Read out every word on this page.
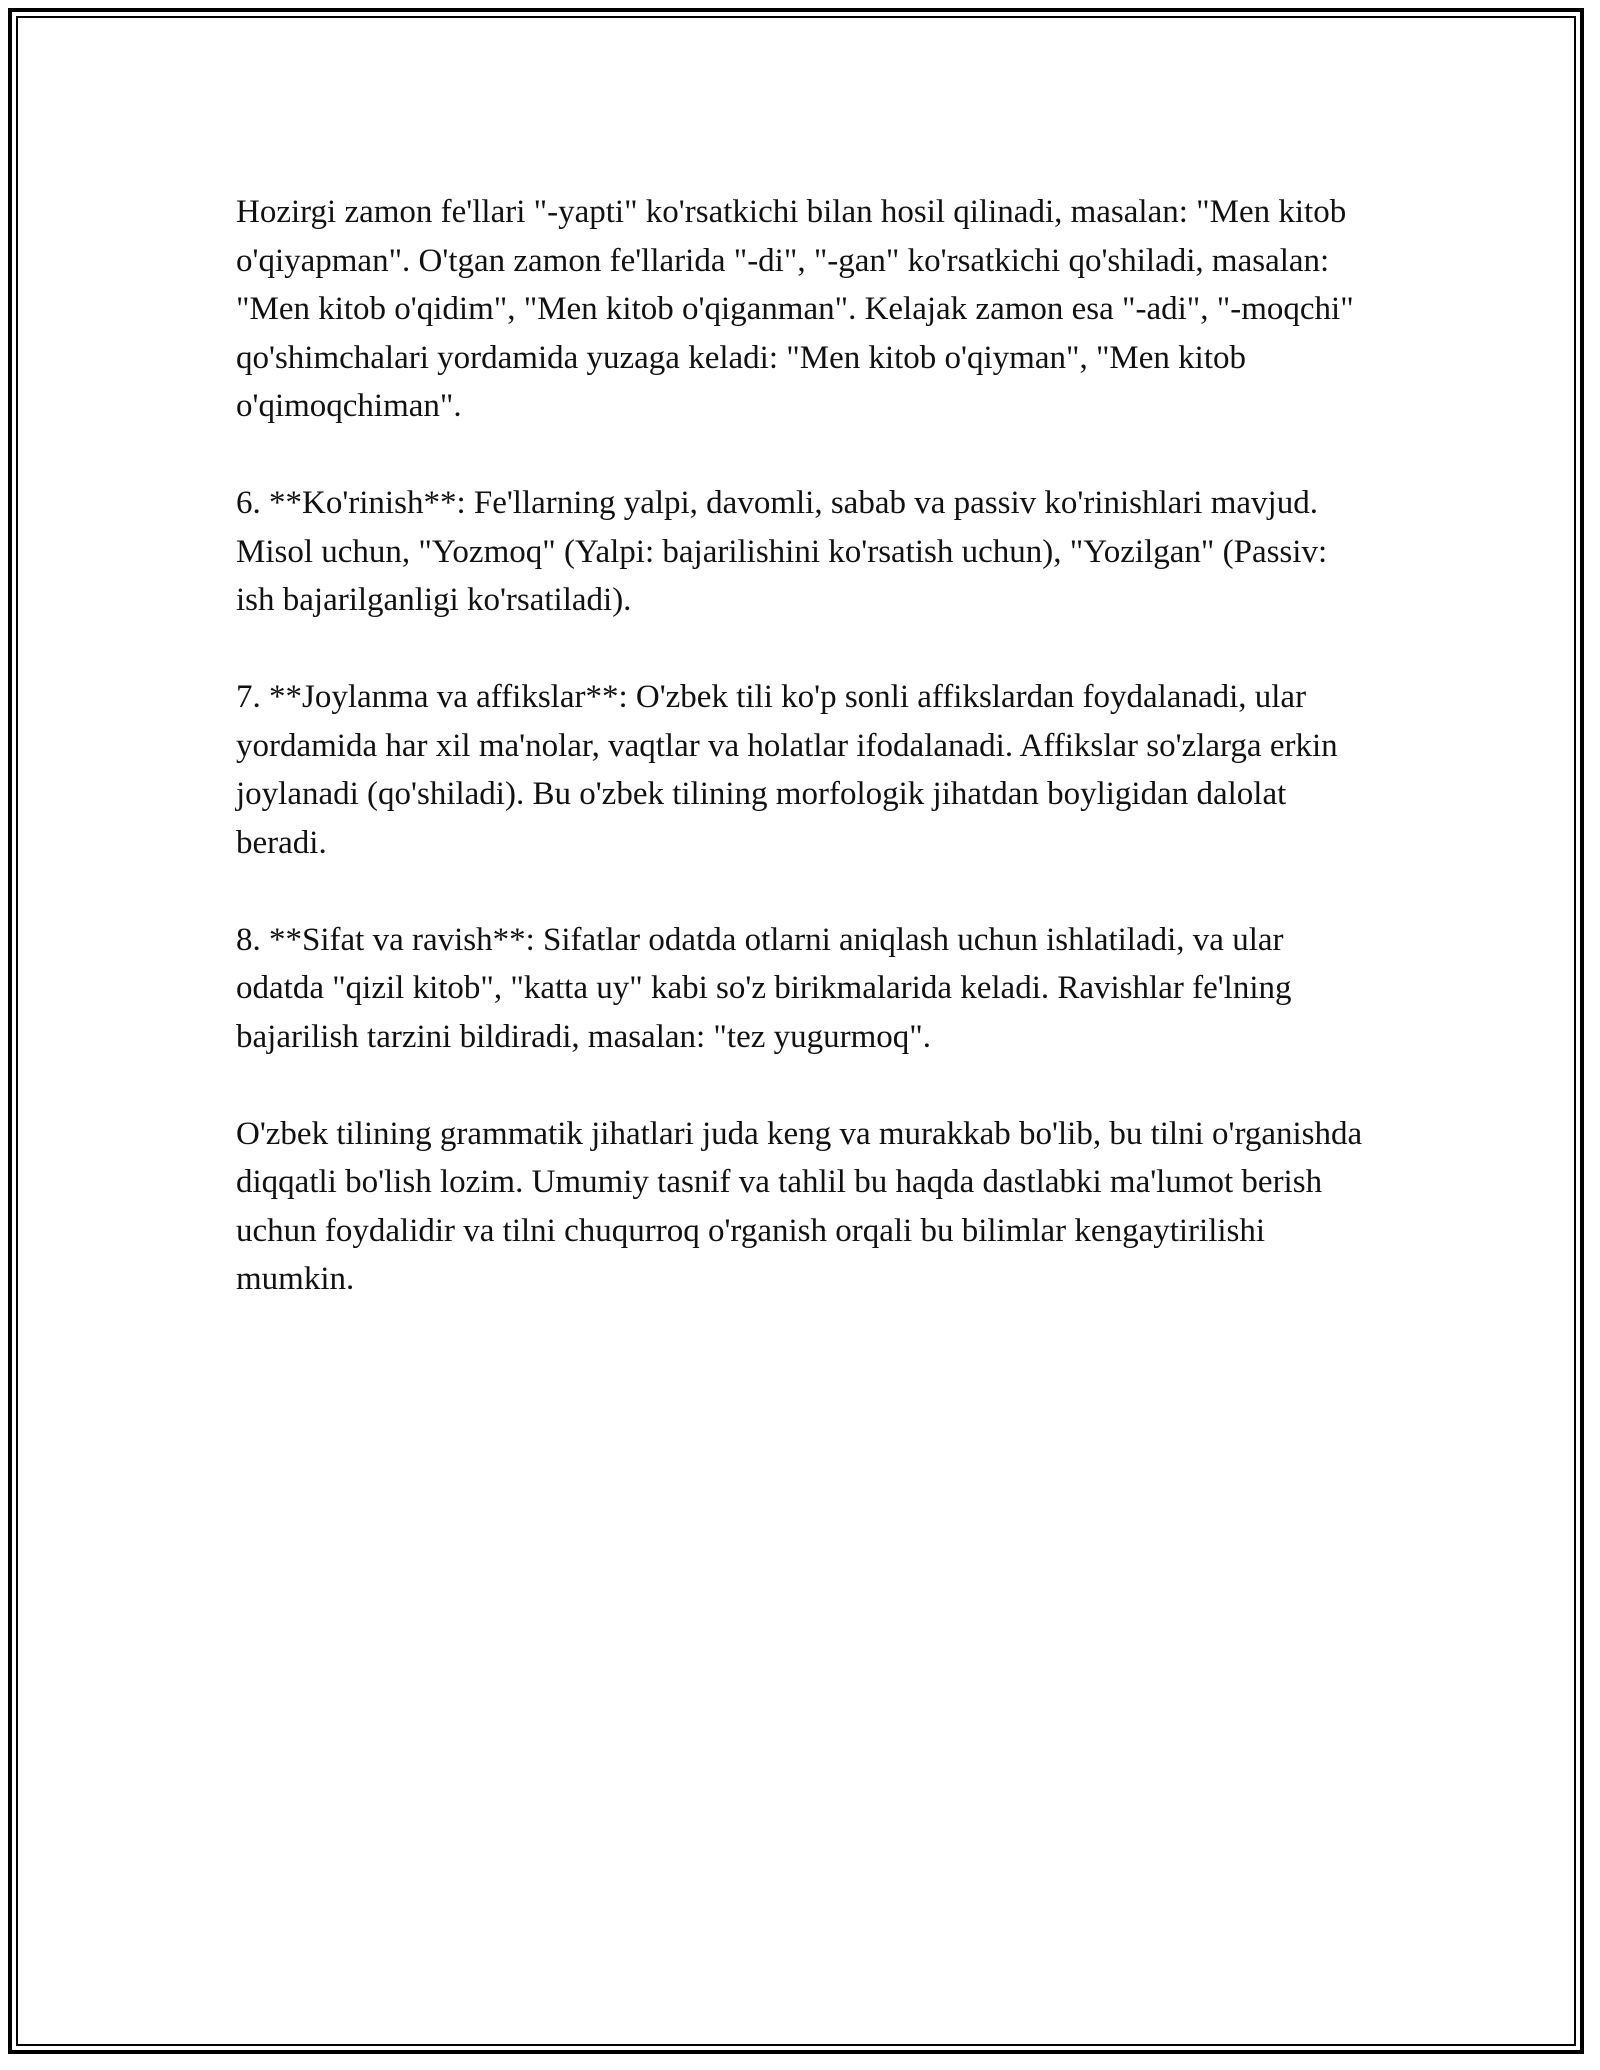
Hozirgi zamon fe'llari "-yapti" ko'rsatkichi bilan hosil qilinadi, masalan: "Men kitob o'qiyapman". O'tgan zamon fe'llarida "-di", "-gan" ko'rsatkichi qo'shiladi, masalan: "Men kitob o'qidim", "Men kitob o'qiganman". Kelajak zamon esa "-adi", "-moqchi" qo'shimchalari yordamida yuzaga keladi: "Men kitob o'qiyman", "Men kitob o'qimoqchiman".

6. **Ko'rinish**: Fe'llarning yalpi, davomli, sabab va passiv ko'rinishlari mavjud. Misol uchun, "Yozmoq" (Yalpi: bajarilishini ko'rsatish uchun), "Yozilgan" (Passiv: ish bajarilganligi ko'rsatiladi).

7. **Joylanma va affikslar**: O'zbek tili ko'p sonli affikslardan foydalanadi, ular yordamida har xil ma'nolar, vaqtlar va holatlar ifodalanadi. Affikslar so'zlarga erkin joylanadi (qo'shiladi). Bu o'zbek tilining morfologik jihatdan boyligidan dalolat beradi.

8. **Sifat va ravish**: Sifatlar odatda otlarni aniqlash uchun ishlatiladi, va ular odatda "qizil kitob", "katta uy" kabi so'z birikmalarida keladi. Ravishlar fe'lning bajarilish tarzini bildiradi, masalan: "tez yugurmoq".

O'zbek tilining grammatik jihatlari juda keng va murakkab bo'lib, bu tilni o'rganishda diqqatli bo'lish lozim. Umumiy tasnif va tahlil bu haqda dastlabki ma'lumot berish uchun foydalidir va tilni chuqurroq o'rganish orqali bu bilimlar kengaytirilishi mumkin.
